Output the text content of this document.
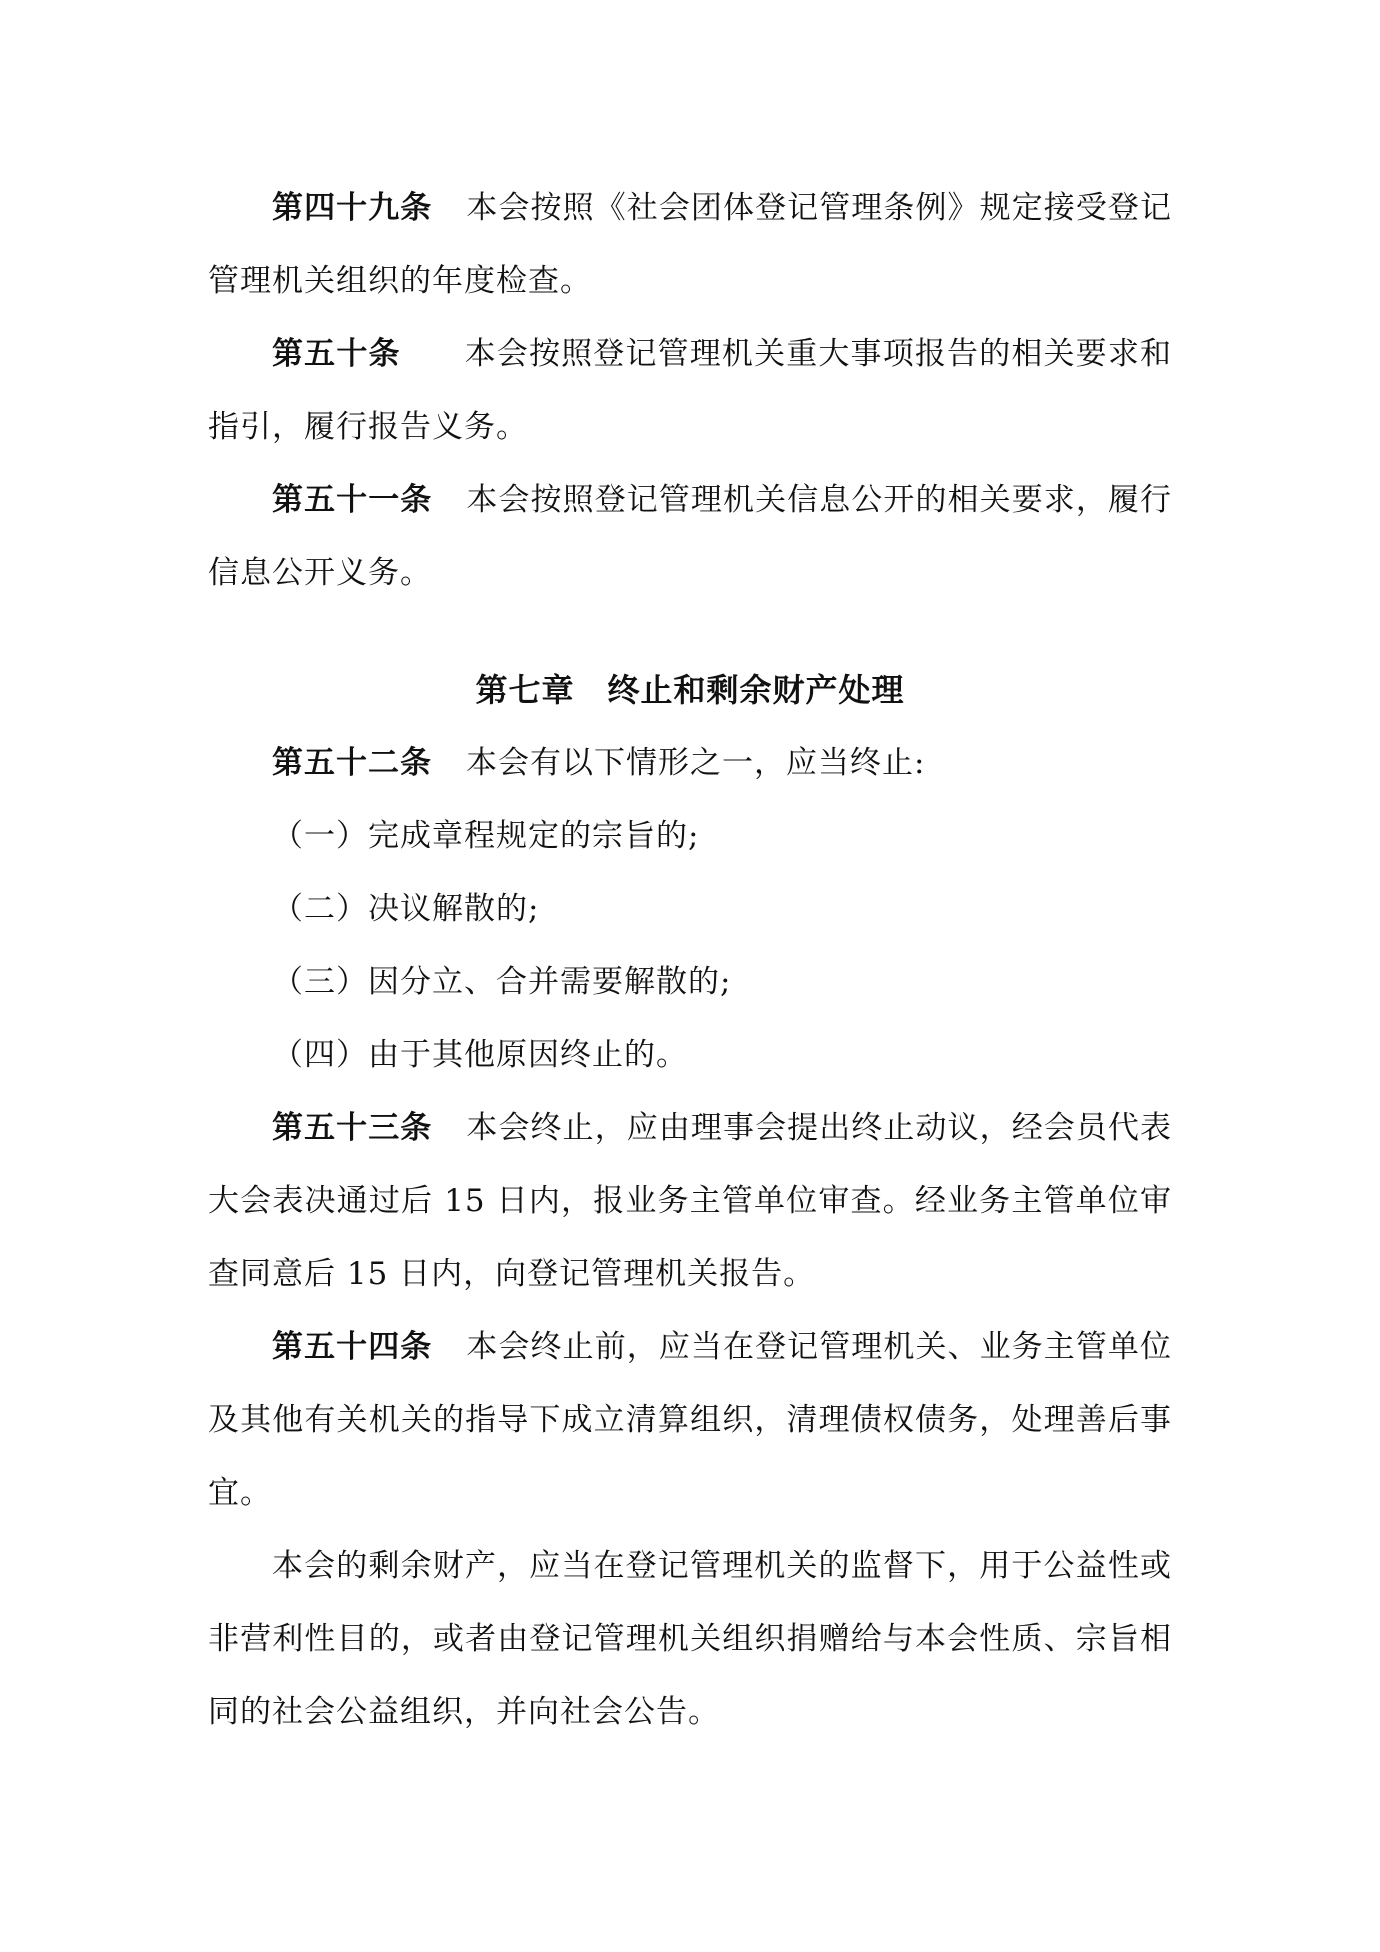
第四十九条 本会按照《社会团体登记管理条例》规定接受登记管理机关组织的年度检查。

第五十条 本会按照登记管理机关重大事项报告的相关要求和指引，履行报告义务。

第五十一条 本会按照登记管理机关信息公开的相关要求，履行信息公开义务。

第七章　终止和剩余财产处理

第五十二条 本会有以下情形之一，应当终止:

（一）完成章程规定的宗旨的;

（二）决议解散的;

（三）因分立、合并需要解散的;

（四）由于其他原因终止的。

第五十三条 本会终止，应由理事会提出终止动议，经会员代表大会表决通过后 15 日内，报业务主管单位审查。经业务主管单位审查同意后 15 日内，向登记管理机关报告。

第五十四条 本会终止前，应当在登记管理机关、业务主管单位及其他有关机关的指导下成立清算组织，清理债权债务，处理善后事宜。

本会的剩余财产，应当在登记管理机关的监督下，用于公益性或非营利性目的，或者由登记管理机关组织捐赠给与本会性质、宗旨相同的社会公益组织，并向社会公告。
